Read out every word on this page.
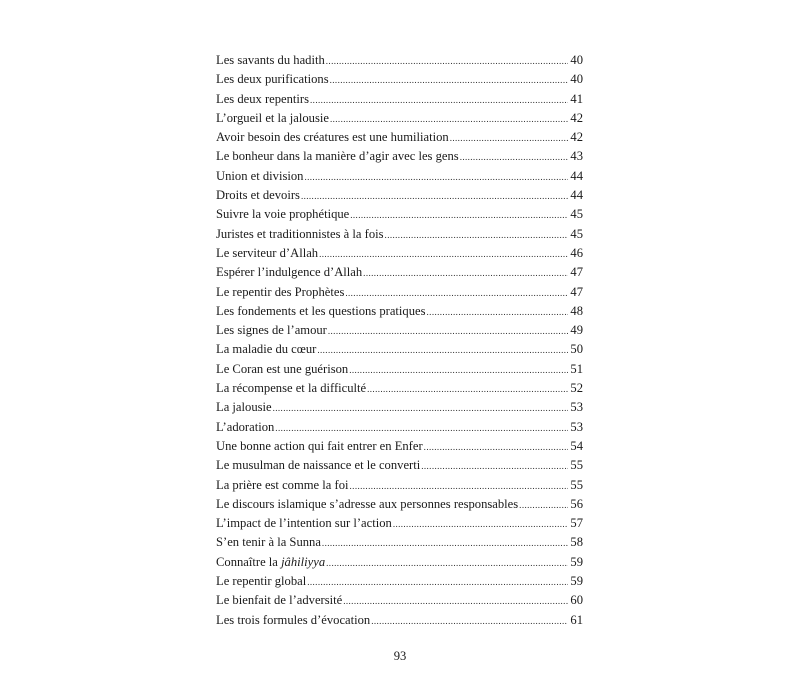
Les savants du hadith .....	40
Les deux purifications .....	40
Les deux repentirs .....	41
L’orgueil et la jalousie .....	42
Avoir besoin des créatures est une humiliation .....	42
Le bonheur dans la manière d’agir avec les gens .....	43
Union et division .....	44
Droits et devoirs .....	44
Suivre la voie prophétique .....	45
Juristes et traditionnistes à la fois .....	45
Le serviteur d’Allah .....	46
Espérer l’indulgence d’Allah .....	47
Le repentir des Prophètes .....	47
Les fondements et les questions pratiques .....	48
Les signes de l’amour .....	49
La maladie du cœur .....	50
Le Coran est une guérison .....	51
La récompense et la difficulté .....	52
La jalousie .....	53
L’adoration .....	53
Une bonne action qui fait entrer en Enfer .....	54
Le musulman de naissance et le converti .....	55
La prière est comme la foi .....	55
Le discours islamique s’adresse aux personnes responsables .....	56
L’impact de l’intention sur l’action .....	57
S’en tenir à la Sunna .....	58
Connaître la jâhiliyya .....	59
Le repentir global .....	59
Le bienfait de l’adversité .....	60
Les trois formules d’évocation .....	61
93
